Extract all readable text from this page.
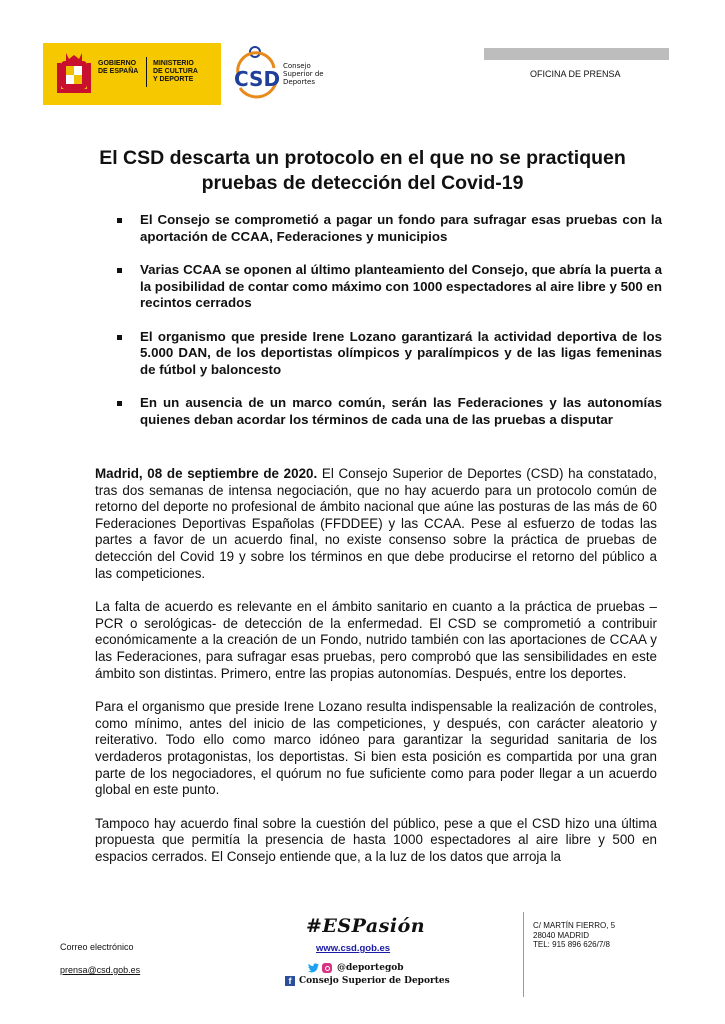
GOBIERNO
DE ESPAÑA
MINISTERIO
DE CULTURA
Y DEPORTE CSD
Consejo
Superior de
Deportes
OFICINA DE PRENSA
El CSD descarta un protocolo en el que no se practiquen pruebas de detección del Covid-19
El Consejo se comprometió a pagar un fondo para sufragar esas pruebas con la aportación de CCAA, Federaciones y municipios
Varias CCAA se oponen al último planteamiento del Consejo, que abría la puerta a la posibilidad de contar como máximo con 1000 espectadores al aire libre y 500 en recintos cerrados
El organismo que preside Irene Lozano garantizará la actividad deportiva de los 5.000 DAN, de los deportistas olímpicos y paralímpicos y de las ligas femeninas de fútbol y baloncesto
En un ausencia de un marco común, serán las Federaciones y las autonomías quienes deban acordar los términos de cada una de las pruebas a disputar

Madrid, 08 de septiembre de 2020. El Consejo Superior de Deportes (CSD) ha constatado, tras dos semanas de intensa negociación, que no hay acuerdo para un protocolo común de retorno del deporte no profesional de ámbito nacional que aúne las posturas de las más de 60 Federaciones Deportivas Españolas (FFDDEE) y las CCAA. Pese al esfuerzo de todas las partes a favor de un acuerdo final, no existe consenso sobre la práctica de pruebas de detección del Covid 19 y sobre los términos en que debe producirse el retorno del público a las competiciones.

La falta de acuerdo es relevante en el ámbito sanitario en cuanto a la práctica de pruebas –PCR o serológicas- de detección de la enfermedad. El CSD se comprometió a contribuir económicamente a la creación de un Fondo, nutrido también con las aportaciones de CCAA y las Federaciones, para sufragar esas pruebas, pero comprobó que las sensibilidades en este ámbito son distintas. Primero, entre las propias autonomías. Después, entre los deportes.

Para el organismo que preside Irene Lozano resulta indispensable la realización de controles, como mínimo, antes del inicio de las competiciones, y después, con carácter aleatorio y reiterativo. Todo ello como marco idóneo para garantizar la seguridad sanitaria de los verdaderos protagonistas, los deportistas. Si bien esta posición es compartida por una gran parte de los negociadores, el quórum no fue suficiente como para poder llegar a un acuerdo global en este punto.

Tampoco hay acuerdo final sobre la cuestión del público, pese a que el CSD hizo una última propuesta que permitía la presencia de hasta 1000 espectadores al aire libre y 500 en espacios cerrados. El Consejo entiende que, a la luz de los datos que arroja la

Correo electrónico
prensa@csd.gob.es
#ESPasión
www.csd.gob.es
@deportegob
f Consejo Superior de Deportes
C/ MARTÍN FIERRO, 5
28040 MADRID
TEL: 915 896 626/7/8
